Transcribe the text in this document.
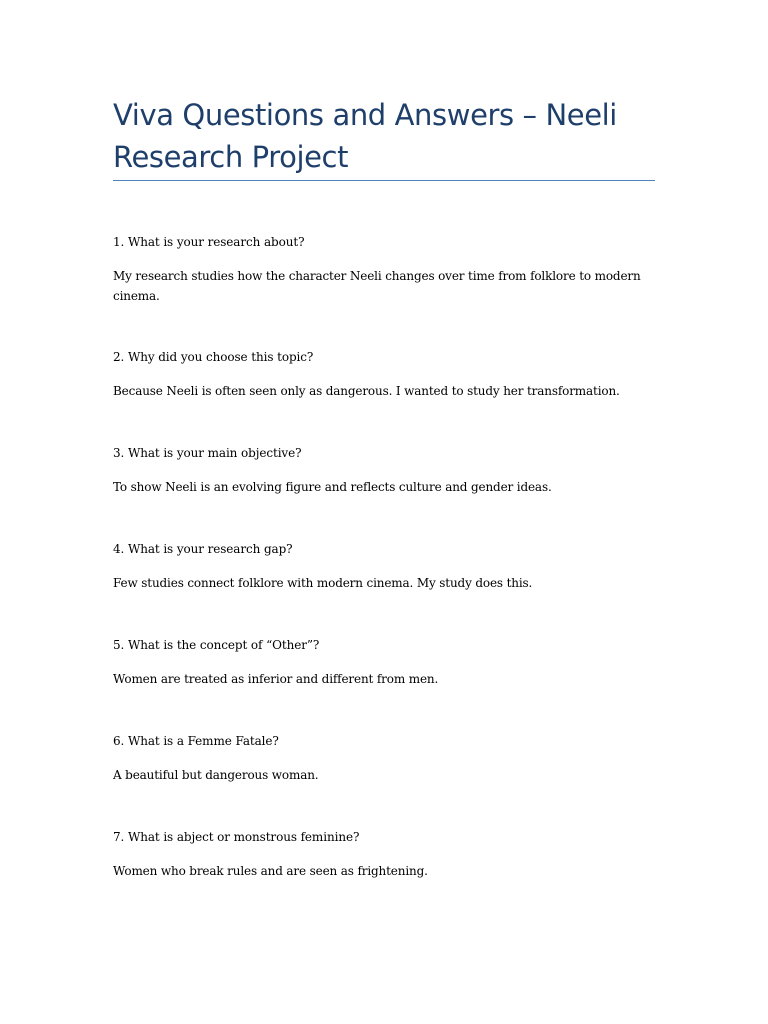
Viva Questions and Answers – Neeli Research Project

1. What is your research about?

My research studies how the character Neeli changes over time from folklore to modern cinema.

2. Why did you choose this topic?

Because Neeli is often seen only as dangerous. I wanted to study her transformation.

3. What is your main objective?

To show Neeli is an evolving figure and reflects culture and gender ideas.

4. What is your research gap?

Few studies connect folklore with modern cinema. My study does this.

5. What is the concept of “Other”?

Women are treated as inferior and different from men.

6. What is a Femme Fatale?

A beautiful but dangerous woman.

7. What is abject or monstrous feminine?

Women who break rules and are seen as frightening.
